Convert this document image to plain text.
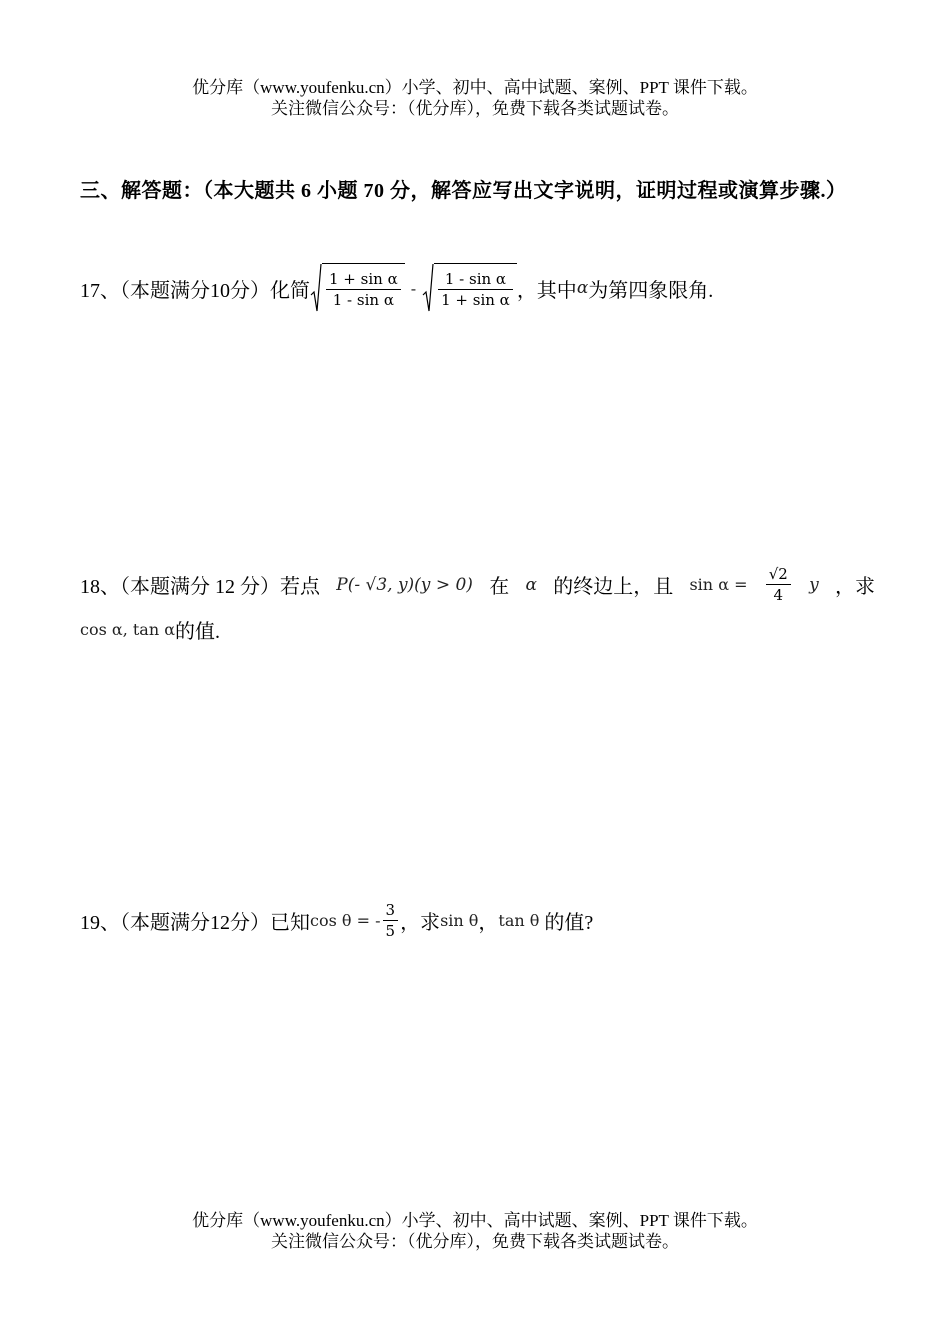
优分库（www.youfenku.cn）小学、初中、高中试题、案例、PPT 课件下载。
关注微信公众号：（优分库），免费下载各类试题试卷。
三、解答题：（本大题共 6 小题 70 分，解答应写出文字说明，证明过程或演算步骤.）
17、（本题满分10分）化简 $\frac{\text{1 + sin α}}{\text{1 - sin α}} - \frac{\text{1 - sin α}}{\text{1 + sin α}}$ ，其中 α 为第四象限角.
18、（本题满分 12 分）若点 P(- √3, y)(y > 0) 在 α 的终边上，且 $\sin \alpha = \frac{√2}{4}$ y ，求
cos α, tan α 的值.
19、（本题满分12分）已知 cos θ = - $\frac{3}{5}$ ，求 sin θ ， tan θ 的值?
优分库（www.youfenku.cn）小学、初中、高中试题、案例、PPT 课件下载。
关注微信公众号：（优分库），免费下载各类试题试卷。
